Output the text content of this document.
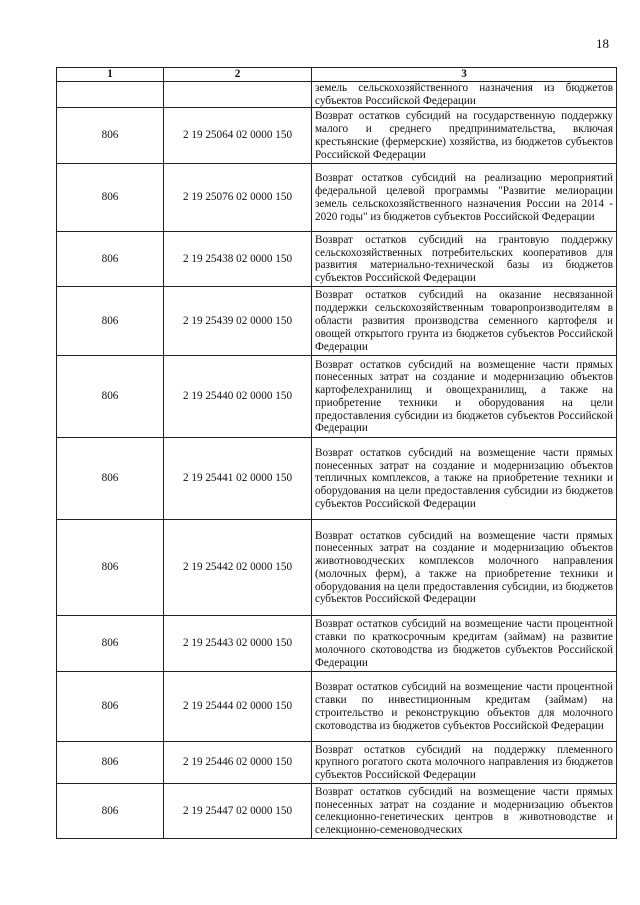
18
1	2	3
		земель сельскохозяйственного назначения из бюджетов субъектов Российской Федерации
806	2 19 25064 02 0000 150	Возврат остатков субсидий на государственную поддержку малого и среднего предпринимательства, включая крестьянские (фермерские) хозяйства, из бюджетов субъектов Российской Федерации
806	2 19 25076 02 0000 150	Возврат остатков субсидий на реализацию мероприятий федеральной целевой программы "Развитие мелиорации земель сельскохозяйственного назначения России на 2014 - 2020 годы" из бюджетов субъектов Российской Федерации
806	2 19 25438 02 0000 150	Возврат остатков субсидий на грантовую поддержку сельскохозяйственных потребительских кооперативов для развития материально-технической базы из бюджетов субъектов Российской Федерации
806	2 19 25439 02 0000 150	Возврат остатков субсидий на оказание несвязанной поддержки сельскохозяйственным товаропроизводителям в области развития производства семенного картофеля и овощей открытого грунта из бюджетов субъектов Российской Федерации
806	2 19 25440 02 0000 150	Возврат остатков субсидий на возмещение части прямых понесенных затрат на создание и модернизацию объектов картофелехранилищ и овощехранилищ, а также на приобретение техники и оборудования на цели предоставления субсидии из бюджетов субъектов Российской Федерации
806	2 19 25441 02 0000 150	Возврат остатков субсидий на возмещение части прямых понесенных затрат на создание и модернизацию объектов тепличных комплексов, а также на приобретение техники и оборудования на цели предоставления субсидии из бюджетов субъектов Российской Федерации
806	2 19 25442 02 0000 150	Возврат остатков субсидий на возмещение части прямых понесенных затрат на создание и модернизацию объектов животноводческих комплексов молочного направления (молочных ферм), а также на приобретение техники и оборудования на цели предоставления субсидии, из бюджетов субъектов Российской Федерации
806	2 19 25443 02 0000 150	Возврат остатков субсидий на возмещение части процентной ставки по краткосрочным кредитам (займам) на развитие молочного скотоводства из бюджетов субъектов Российской Федерации
806	2 19 25444 02 0000 150	Возврат остатков субсидий на возмещение части процентной ставки по инвестиционным кредитам (займам) на строительство и реконструкцию объектов для молочного скотоводства из бюджетов субъектов Российской Федерации
806	2 19 25446 02 0000 150	Возврат остатков субсидий на поддержку племенного крупного рогатого скота молочного направления из бюджетов субъектов Российской Федерации
806	2 19 25447 02 0000 150	Возврат остатков субсидий на возмещение части прямых понесенных затрат на создание и модернизацию объектов селекционно-генетических центров в животноводстве и селекционно-семеноводческих
